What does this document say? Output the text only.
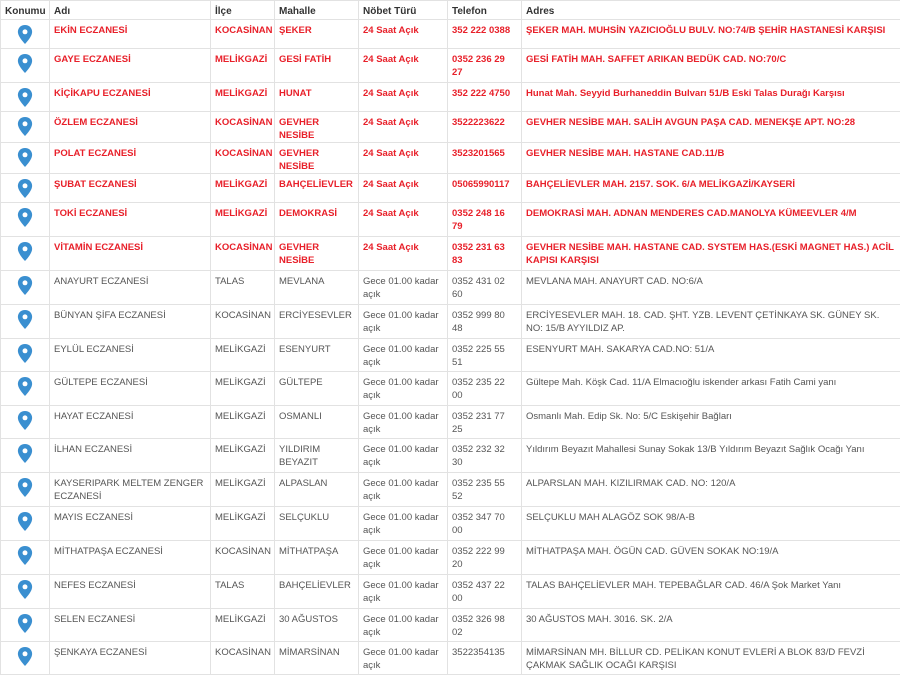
Konumu	Adı	İlçe	Mahalle	Nöbet Türü	Telefon	Adres
	EKİN ECZANESİ	KOCASİNAN	ŞEKER	24 Saat Açık	352 222 0388	ŞEKER MAH. MUHSİN YAZICIOĞLU BULV. NO:74/B ŞEHİR HASTANESİ KARŞISI
	GAYE ECZANESİ	MELİKGAZİ	GESİ FATİH	24 Saat Açık	0352 236 29 27	GESİ FATİH MAH. SAFFET ARIKAN BEDÜK CAD. NO:70/C
	KİÇİKAPU ECZANESİ	MELİKGAZİ	HUNAT	24 Saat Açık	352 222 4750	Hunat Mah. Seyyid Burhaneddin Bulvarı 51/B Eski Talas Durağı Karşısı
	ÖZLEM ECZANESİ	KOCASİNAN	GEVHER NESİBE	24 Saat Açık	3522223622	GEVHER NESİBE MAH. SALİH AVGUN PAŞA CAD. MENEKŞE APT. NO:28
	POLAT ECZANESİ	KOCASİNAN	GEVHER NESİBE	24 Saat Açık	3523201565	GEVHER NESİBE MAH. HASTANE CAD.11/B
	ŞUBAT ECZANESİ	MELİKGAZİ	BAHÇELİEVLER	24 Saat Açık	05065990117	BAHÇELİEVLER MAH. 2157. SOK. 6/A MELİKGAZİ/KAYSERİ
	TOKİ ECZANESİ	MELİKGAZİ	DEMOKRASİ	24 Saat Açık	0352 248 16 79	DEMOKRASİ MAH. ADNAN MENDERES CAD.MANOLYA KÜMEEVLER 4/M
	VİTAMİN ECZANESİ	KOCASİNAN	GEVHER NESİBE	24 Saat Açık	0352 231 63 83	GEVHER NESİBE MAH. HASTANE CAD. SYSTEM HAS.(ESKİ MAGNET HAS.) ACİL KAPISI KARŞISI
	ANAYURT ECZANESİ	TALAS	MEVLANA	Gece 01.00 kadar açık	0352 431 02 60	MEVLANA MAH. ANAYURT CAD. NO:6/A
	BÜNYAN ŞİFA ECZANESİ	KOCASİNAN	ERCİYESEVLER	Gece 01.00 kadar açık	0352 999 80 48	ERCİYESEVLER MAH. 18. CAD. ŞHT. YZB. LEVENT ÇETİNKAYA SK. GÜNEY SK. NO: 15/B AYYILDIZ AP.
	EYLÜL ECZANESİ	MELİKGAZİ	ESENYURT	Gece 01.00 kadar açık	0352 225 55 51	ESENYURT MAH. SAKARYA CAD.NO: 51/A
	GÜLTEPE ECZANESİ	MELİKGAZİ	GÜLTEPE	Gece 01.00 kadar açık	0352 235 22 00	Gültepe Mah. Köşk Cad. 11/A Elmacıoğlu iskender arkası Fatih Cami yanı
	HAYAT ECZANESİ	MELİKGAZİ	OSMANLI	Gece 01.00 kadar açık	0352 231 77 25	Osmanlı Mah. Edip Sk. No: 5/C Eskişehir Bağları
	İLHAN ECZANESİ	MELİKGAZİ	YILDIRIM BEYAZIT	Gece 01.00 kadar açık	0352 232 32 30	Yıldırım Beyazıt Mahallesi Sunay Sokak 13/B Yıldırım Beyazıt Sağlık Ocağı Yanı
	KAYSERIPARK MELTEM ZENGER ECZANESİ	MELİKGAZİ	ALPASLAN	Gece 01.00 kadar açık	0352 235 55 52	ALPARSLAN MAH. KIZILIRMAK CAD. NO: 120/A
	MAYIS ECZANESİ	MELİKGAZİ	SELÇUKLU	Gece 01.00 kadar açık	0352 347 70 00	SELÇUKLU MAH ALAGÖZ SOK 98/A-B
	MİTHATPAŞA ECZANESİ	KOCASİNAN	MİTHATPAŞA	Gece 01.00 kadar açık	0352 222 99 20	MİTHATPAŞA MAH. ÖGÜN CAD. GÜVEN SOKAK NO:19/A
	NEFES ECZANESİ	TALAS	BAHÇELİEVLER	Gece 01.00 kadar açık	0352 437 22 00	TALAS BAHÇELİEVLER MAH. TEPEBAĞLAR CAD. 46/A Şok Market Yanı
	SELEN ECZANESİ	MELİKGAZİ	30 AĞUSTOS	Gece 01.00 kadar açık	0352 326 98 02	30 AĞUSTOS MAH. 3016. SK. 2/A
	ŞENKAYA ECZANESİ	KOCASİNAN	MİMARSİNAN	Gece 01.00 kadar açık	3522354135	MİMARSİNAN MH. BİLLUR CD. PELİKAN KONUT EVLERİ A BLOK 83/D FEVZİ ÇAKMAK SAĞLIK OCAĞI KARŞISI
